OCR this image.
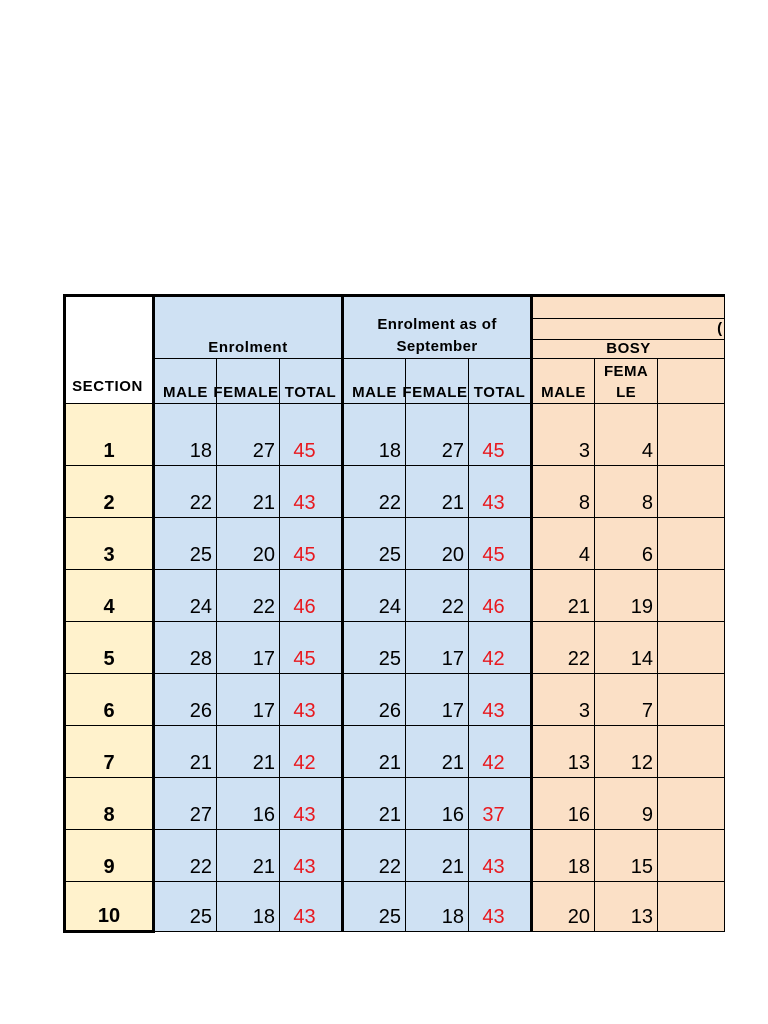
	Enrolment			Enrolment as of
September					

							(
BOSY		

	MALE	FEMALE	TOTAL	MALE	FEMALE	TOTAL	MALE	FEMA
LE	

1	18	27	45	18	27	45	3	4	

2	22	21	43	22	21	43	8	8	

3	25	20	45	25	20	45	4	6	

4	24	22	46	24	22	46	21	19	

5	28	17	45	25	17	42	22	14	

6	26	17	43	26	17	43	3	7	

7	21	21	42	21	21	42	13	12	

8	27	16	43	21	16	37	16	9	

9	22	21	43	22	21	43	18	15	

10	25	18	43	25	18	43	20	13	

SECTION
